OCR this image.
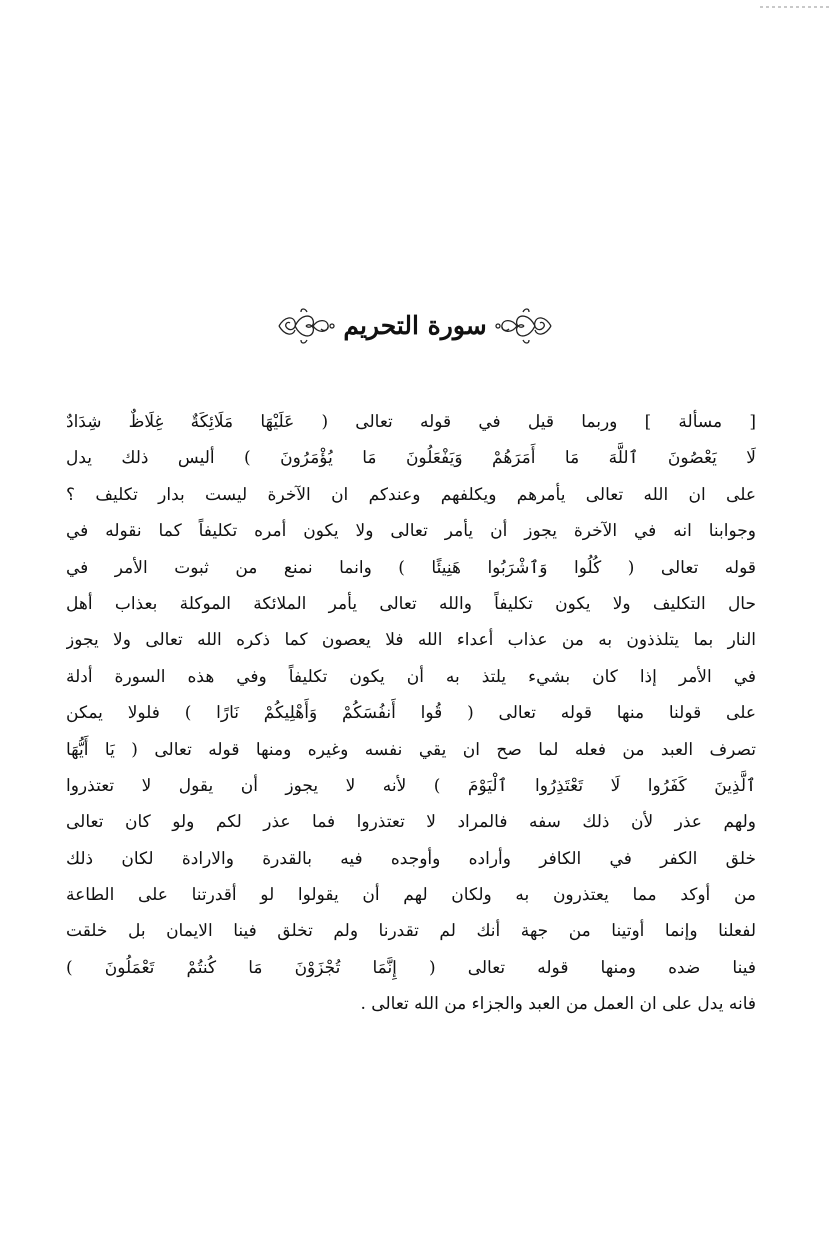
سورة التحريم
[ مسألة ] وربما قيل في قوله تعالى ( عَلَيْهَا مَلَائِكَةٌ غِلَاظٌ شِدَادٌ
لَا يَعْصُونَ ٱللَّهَ مَا أَمَرَهُمْ وَيَفْعَلُونَ مَا يُؤْمَرُونَ ) أليس ذلك يدل
على ان الله تعالى يأمرهم ويكلفهم وعندكم ان الآخرة ليست بدار تكليف ؟
وجوابنا انه في الآخرة يجوز أن يأمر تعالى ولا يكون أمره تكليفاً كما نقوله في
قوله تعالى ( كُلُوا وَٱشْرَبُوا هَنِيئًا ) وانما نمنع من ثبوت الأمر في
حال التكليف ولا يكون تكليفاً والله تعالى يأمر الملائكة الموكلة بعذاب أهل
النار بما يتلذذون به من عذاب أعداء الله فلا يعصون كما ذكره الله تعالى ولا يجوز
في الأمر إذا كان بشيء يلتذ به أن يكون تكليفاً وفي هذه السورة أدلة
على قولنا منها قوله تعالى ( قُوا أَنفُسَكُمْ وَأَهْلِيكُمْ نَارًا ) فلولا يمكن
تصرف العبد من فعله لما صح ان يقي نفسه وغيره ومنها قوله تعالى ( يَا أَيُّهَا
ٱلَّذِينَ كَفَرُوا لَا تَعْتَذِرُوا ٱلْيَوْمَ ) لأنه لا يجوز أن يقول لا تعتذروا
ولهم عذر لأن ذلك سفه فالمراد لا تعتذروا فما عذر لكم ولو كان تعالى
خلق الكفر في الكافر وأراده وأوجده فيه بالقدرة والارادة لكان ذلك
من أوكد مما يعتذرون به ولكان لهم أن يقولوا لو أقدرتنا على الطاعة
لفعلنا وإنما أوتينا من جهة أنك لم تقدرنا ولم تخلق فينا الايمان بل خلقت
فينا ضده ومنها قوله تعالى ( إِنَّمَا تُجْزَوْنَ مَا كُنتُمْ تَعْمَلُونَ )
فانه يدل على ان العمل من العبد والجزاء من الله تعالى .
